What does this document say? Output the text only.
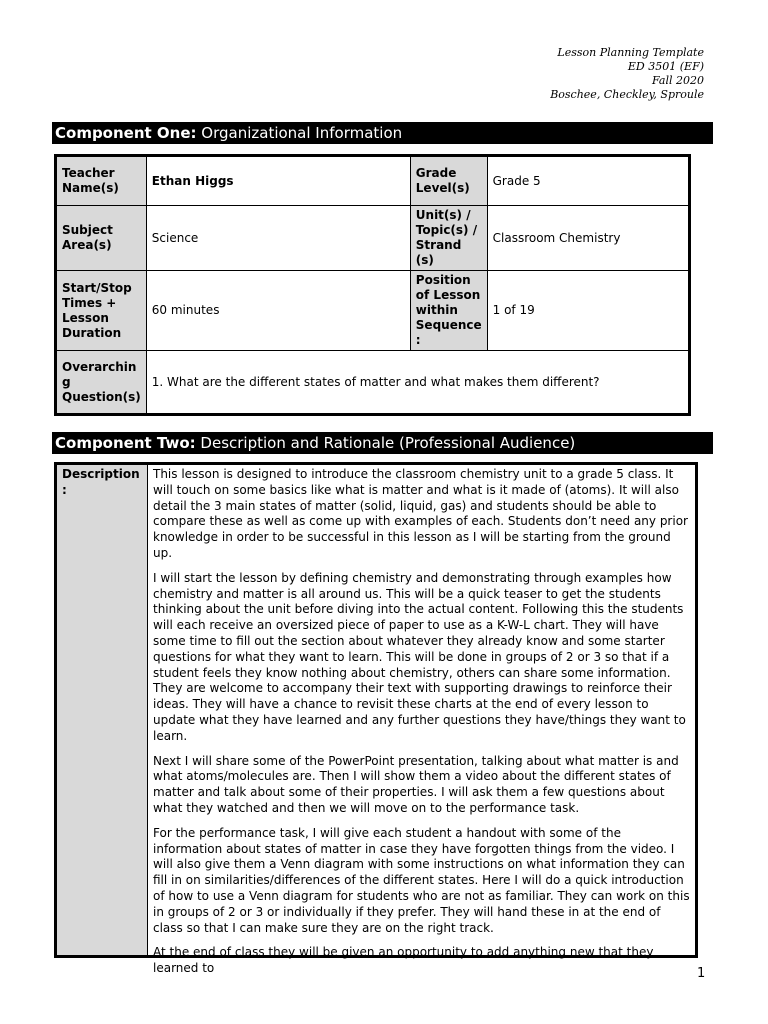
Lesson Planning Template
ED 3501 (EF)
Fall 2020
Boschee, Checkley, Sproule
Component One: Organizational Information
Teacher Name(s)	Ethan Higgs	Grade Level(s)	Grade 5
Subject Area(s)	Science	Unit(s) / Topic(s) / Strand (s)	Classroom Chemistry
Start/Stop Times + Lesson Duration	60 minutes	Position of Lesson within Sequence :	1 of 19
Overarchin g Question(s)	1. What are the different states of matter and what makes them different?		
Component Two: Description and Rationale (Professional Audience)
Description :	

This lesson is designed to introduce the classroom chemistry unit to a grade 5 class. It will touch on some basics like what is matter and what is it made of (atoms). It will also detail the 3 main states of matter (solid, liquid, gas) and students should be able to compare these as well as come up with examples of each. Students don’t need any prior knowledge in order to be successful in this lesson as I will be starting from the ground up.

I will start the lesson by defining chemistry and demonstrating through examples how chemistry and matter is all around us. This will be a quick teaser to get the students thinking about the unit before diving into the actual content. Following this the students will each receive an oversized piece of paper to use as a K-W-L chart. They will have some time to fill out the section about whatever they already know and some starter questions for what they want to learn. This will be done in groups of 2 or 3 so that if a student feels they know nothing about chemistry, others can share some information. They are welcome to accompany their text with supporting drawings to reinforce their ideas. They will have a chance to revisit these charts at the end of every lesson to update what they have learned and any further questions they have/things they want to learn.

Next I will share some of the PowerPoint presentation, talking about what matter is and what atoms/molecules are. Then I will show them a video about the different states of matter and talk about some of their properties. I will ask them a few questions about what they watched and then we will move on to the performance task.

For the performance task, I will give each student a handout with some of the information about states of matter in case they have forgotten things from the video. I will also give them a Venn diagram with some instructions on what information they can fill in on similarities/differences of the different states. Here I will do a quick introduction of how to use a Venn diagram for students who are not as familiar. They can work on this in groups of 2 or 3 or individually if they prefer. They will hand these in at the end of class so that I can make sure they are on the right track.

At the end of class they will be given an opportunity to add anything new that they learned to	1
